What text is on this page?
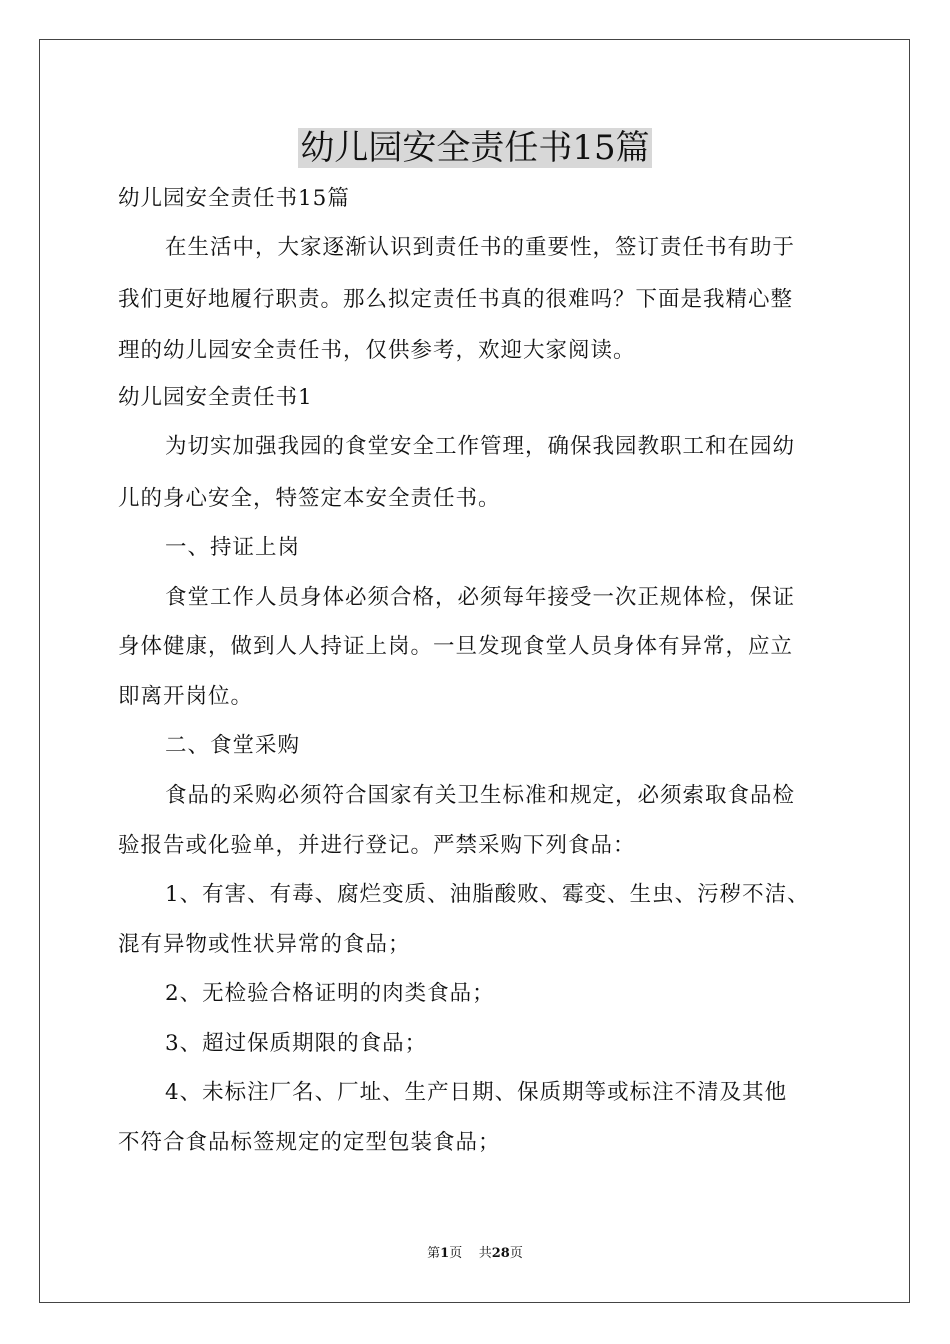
幼儿园安全责任书15篇
幼儿园安全责任书15篇
在生活中，大家逐渐认识到责任书的重要性，签订责任书有助于
我们更好地履行职责。那么拟定责任书真的很难吗？下面是我精心整
理的幼儿园安全责任书，仅供参考，欢迎大家阅读。
幼儿园安全责任书1
为切实加强我园的食堂安全工作管理，确保我园教职工和在园幼
儿的身心安全，特签定本安全责任书。
一、持证上岗
食堂工作人员身体必须合格，必须每年接受一次正规体检，保证
身体健康，做到人人持证上岗。一旦发现食堂人员身体有异常，应立
即离开岗位。
二、食堂采购
食品的采购必须符合国家有关卫生标准和规定，必须索取食品检
验报告或化验单，并进行登记。严禁采购下列食品：
1、有害、有毒、腐烂变质、油脂酸败、霉变、生虫、污秽不洁、
混有异物或性状异常的食品；
2、无检验合格证明的肉类食品；
3、超过保质期限的食品；
4、未标注厂名、厂址、生产日期、保质期等或标注不清及其他
不符合食品标签规定的定型包装食品；
第1页 共28页
